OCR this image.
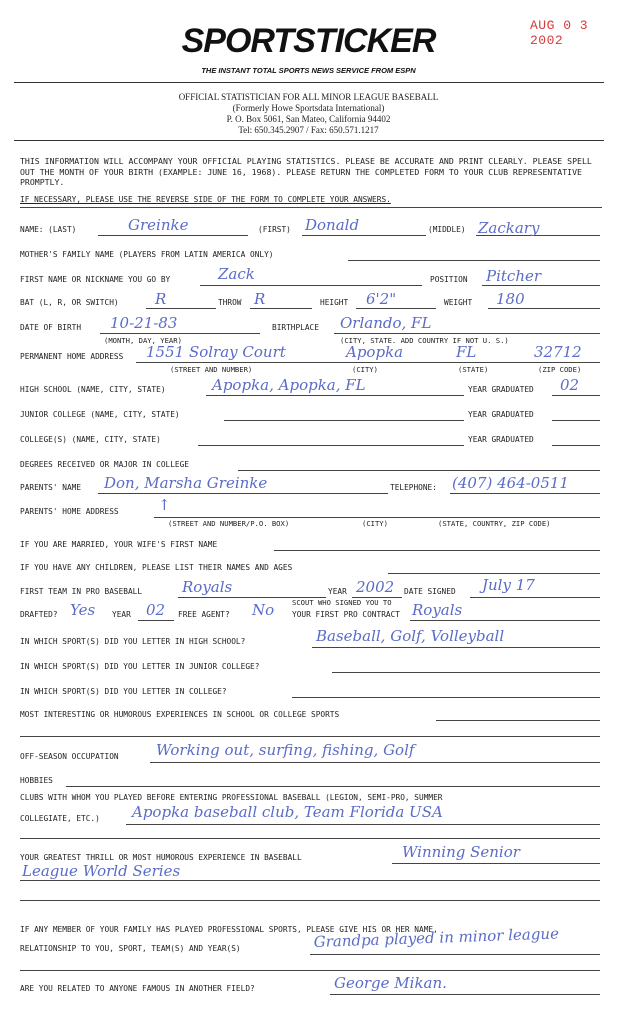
AUG 0 3 2002
SPORTSTICKER
THE INSTANT TOTAL SPORTS NEWS SERVICE FROM ESPN
OFFICIAL STATISTICIAN FOR ALL MINOR LEAGUE BASEBALL
(Formerly Howe Sportsdata International)
P. O. Box 5061, San Mateo, California 94402
Tel: 650.345.2907 / Fax: 650.571.1217
THIS INFORMATION WILL ACCOMPANY YOUR OFFICIAL PLAYING STATISTICS. PLEASE BE ACCURATE AND PRINT CLEARLY. PLEASE SPELL OUT THE MONTH OF YOUR BIRTH (EXAMPLE: JUNE 16, 1968). PLEASE RETURN THE COMPLETED FORM TO YOUR CLUB REPRESENTATIVE PROMPTLY.
IF NECESSARY, PLEASE USE THE REVERSE SIDE OF THE FORM TO COMPLETE YOUR ANSWERS.
NAME: (LAST)	Greinke	(FIRST) Donald	(MIDDLE) Zackary
MOTHER'S FAMILY NAME (PLAYERS FROM LATIN AMERICA ONLY)
FIRST NAME OR NICKNAME YOU GO BY	Zack	POSITION Pitcher
BAT (L, R, OR SWITCH) R	THROW R	HEIGHT 6'2"	WEIGHT 180
DATE OF BIRTH 10-21-83
(MONTH, DAY, YEAR)
BIRTHPLACE Orlando, FL
(CITY, STATE. ADD COUNTRY IF NOT U. S.)
PERMANENT HOME ADDRESS 1551 Solray Court	Apopka	FL	32712
(STREET AND NUMBER)	(CITY)	(STATE)	(ZIP CODE)
HIGH SCHOOL (NAME, CITY, STATE)	Apopka, Apopka, FL	YEAR GRADUATED 02
JUNIOR COLLEGE (NAME, CITY, STATE)	YEAR GRADUATED
COLLEGE(S) (NAME, CITY, STATE)	YEAR GRADUATED
DEGREES RECEIVED OR MAJOR IN COLLEGE
PARENTS' NAME Don, Marsha Greinke	TELEPHONE: (407) 464-0511
PARENTS' HOME ADDRESS	↑
(STREET AND NUMBER/P.O. BOX)	(CITY)	(STATE, COUNTRY, ZIP CODE)
IF YOU ARE MARRIED, YOUR WIFE'S FIRST NAME
IF YOU HAVE ANY CHILDREN, PLEASE LIST THEIR NAMES AND AGES
FIRST TEAM IN PRO BASEBALL	Royals	YEAR 2002 DATE SIGNED July 17
SCOUT WHO SIGNED YOU TO
DRAFTED? Yes YEAR 02 FREE AGENT? No YOUR FIRST PRO CONTRACT Royals
IN WHICH SPORT(S) DID YOU LETTER IN HIGH SCHOOL?	Baseball, Golf, Volleyball
IN WHICH SPORT(S) DID YOU LETTER IN JUNIOR COLLEGE?
IN WHICH SPORT(S) DID YOU LETTER IN COLLEGE?
MOST INTERESTING OR HUMOROUS EXPERIENCES IN SCHOOL OR COLLEGE SPORTS
OFF-SEASON OCCUPATION Working out, surfing, fishing, Golf
HOBBIES
CLUBS WITH WHOM YOU PLAYED BEFORE ENTERING PROFESSIONAL BASEBALL (LEGION, SEMI-PRO, SUMMER
COLLEGIATE, ETC.) Apopka baseball club, Team Florida USA
YOUR GREATEST THRILL OR MOST HUMOROUS EXPERIENCE IN BASEBALL	Winning Senior
League World Series
IF ANY MEMBER OF YOUR FAMILY HAS PLAYED PROFESSIONAL SPORTS, PLEASE GIVE HIS OR HER NAME,
RELATIONSHIP TO YOU, SPORT, TEAM(S) AND YEAR(S)	Grandpa played in minor league
ARE YOU RELATED TO ANYONE FAMOUS IN ANOTHER FIELD?	George Mikan.
